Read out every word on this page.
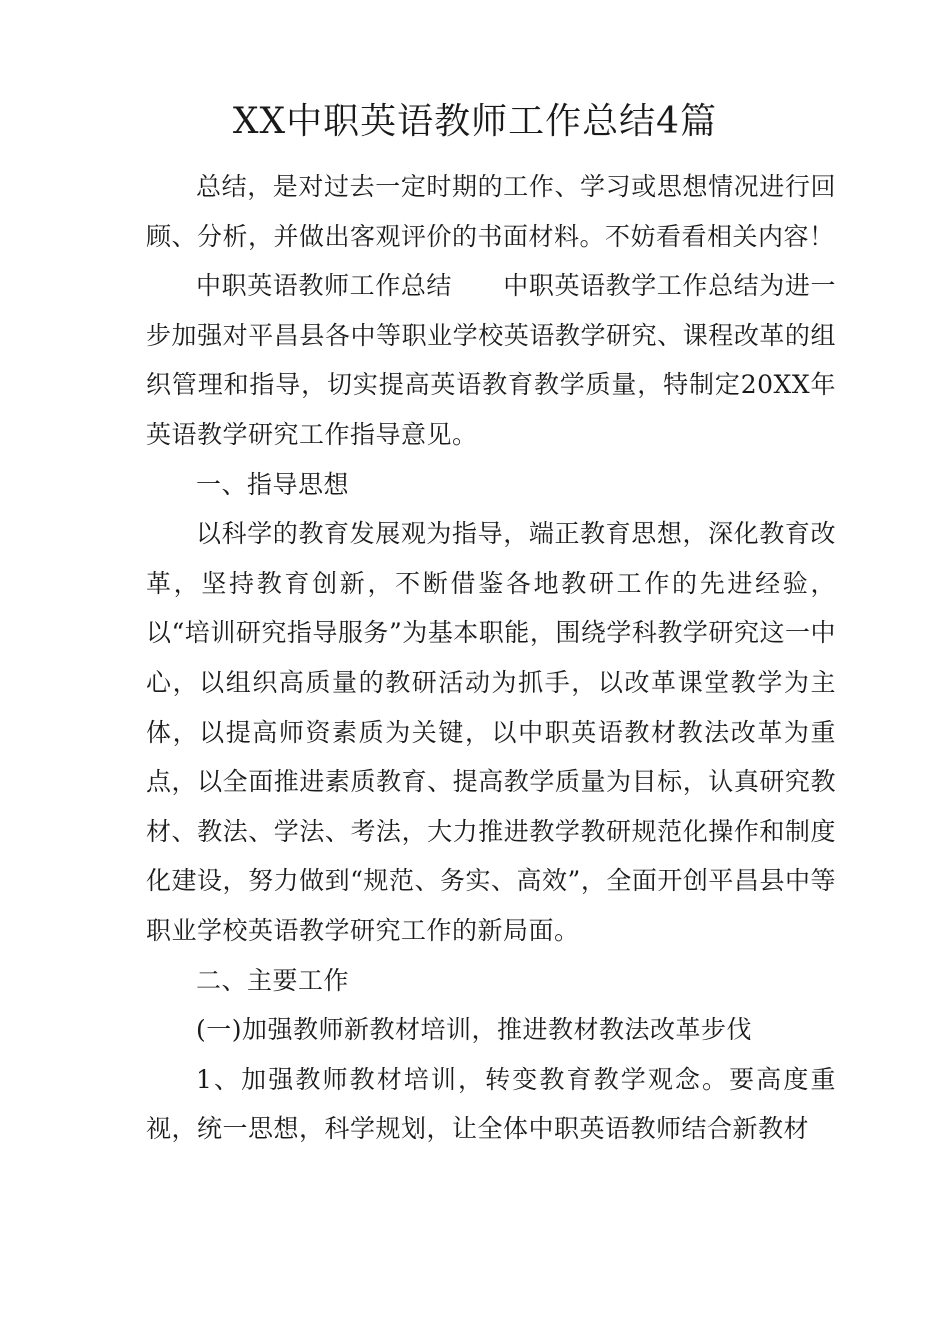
XX中职英语教师工作总结4篇

总结，是对过去一定时期的工作、学习或思想情况进行回顾、分析，并做出客观评价的书面材料。不妨看看相关内容！

中职英语教师工作总结　　中职英语教学工作总结为进一步加强对平昌县各中等职业学校英语教学研究、课程改革的组织管理和指导，切实提高英语教育教学质量，特制定20XX年英语教学研究工作指导意见。

一、指导思想

以科学的教育发展观为指导，端正教育思想，深化教育改革，坚持教育创新，不断借鉴各地教研工作的先进经验，以“培训研究指导服务”为基本职能，围绕学科教学研究这一中心，以组织高质量的教研活动为抓手，以改革课堂教学为主体，以提高师资素质为关键，以中职英语教材教法改革为重点，以全面推进素质教育、提高教学质量为目标，认真研究教材、教法、学法、考法，大力推进教学教研规范化操作和制度化建设，努力做到“规范、务实、高效”，全面开创平昌县中等职业学校英语教学研究工作的新局面。

二、主要工作

(一)加强教师新教材培训，推进教材教法改革步伐

1、加强教师教材培训，转变教育教学观念。要高度重视，统一思想，科学规划，让全体中职英语教师结合新教材
